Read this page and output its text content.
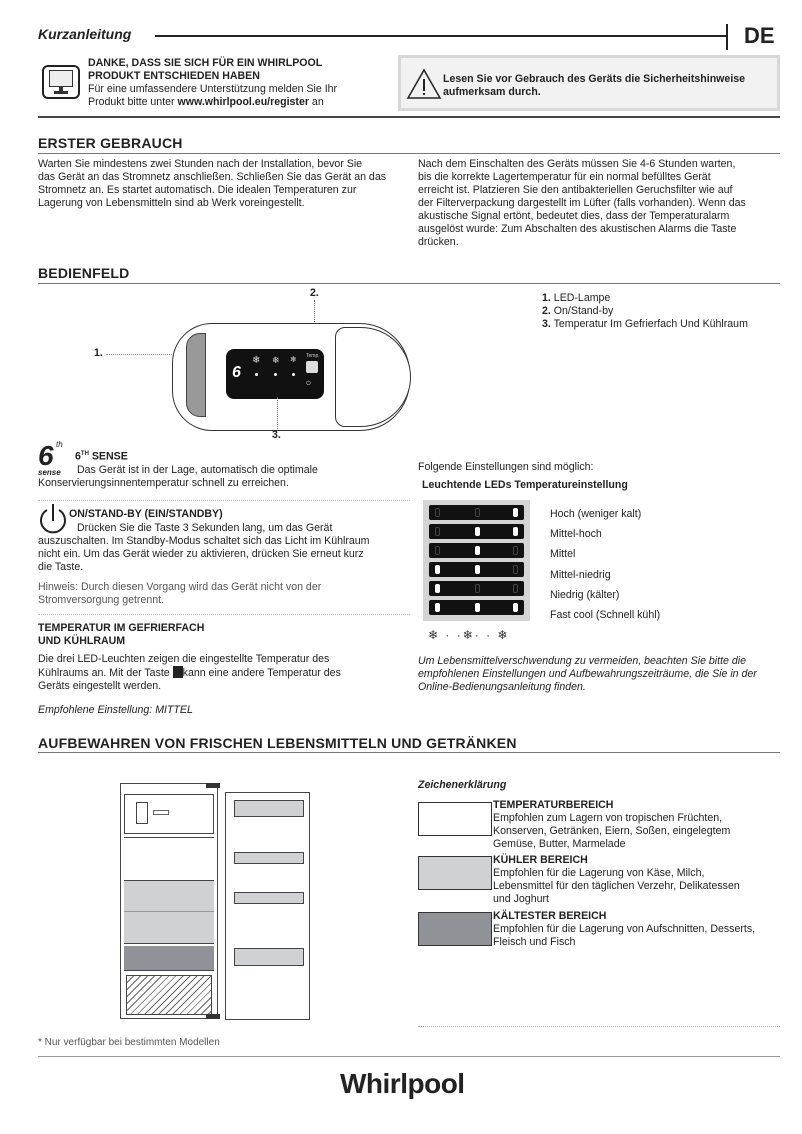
Kurzanleitung	DE
DANKE, DASS SIE SICH FÜR EIN WHIRLPOOL
PRODUKT ENTSCHIEDEN HABEN
Für eine umfassendere Unterstützung melden Sie Ihr
Produkt bitte unter www.whirlpool.eu/register an
Lesen Sie vor Gebrauch des Geräts die Sicherheitshinweise
aufmerksam durch.
ERSTER GEBRAUCH
Warten Sie mindestens zwei Stunden nach der Installation, bevor Sie
das Gerät an das Stromnetz anschließen. Schließen Sie das Gerät an das
Stromnetz an. Es startet automatisch. Die idealen Temperaturen zur
Lagerung von Lebensmitteln sind ab Werk voreingestellt.
Nach dem Einschalten des Geräts müssen Sie 4-6 Stunden warten,
bis die korrekte Lagertemperatur für ein normal befülltes Gerät
erreicht ist. Platzieren Sie den antibakteriellen Geruchsfilter wie auf
der Filterverpackung dargestellt im Lüfter (falls vorhanden). Wenn das
akustische Signal ertönt, bedeutet dies, dass der Temperaturalarm
ausgelöst wurde: Zum Abschalten des akustischen Alarms die Taste
drücken.
BEDIENFELD
2.
1.
6
❄ ❄ ❄ Temp.
⏻
3.
1. LED-Lampe
2. On/Stand-by
3. Temperatur Im Gefrierfach Und Kühlraum
6 th
sense
6TH SENSE
Das Gerät ist in der Lage, automatisch die optimale
Konservierungsinnentemperatur schnell zu erreichen.
ON/STAND-BY (EIN/STANDBY)
Drücken Sie die Taste 3 Sekunden lang, um das Gerät
auszuschalten. Im Standby-Modus schaltet sich das Licht im Kühlraum
nicht ein. Um das Gerät wieder zu aktivieren, drücken Sie erneut kurz
die Taste.
Hinweis: Durch diesen Vorgang wird das Gerät nicht von der
Stromversorgung getrennt.
TEMPERATUR IM GEFRIERFACH
UND KÜHLRAUM
Die drei LED-Leuchten zeigen die eingestellte Temperatur des
Kühlraums an. Mit der Taste kann eine andere Temperatur des
Geräts eingestellt werden.
Empfohlene Einstellung: MITTEL
Folgende Einstellungen sind möglich:
Leuchtende LEDs Temperatureinstellung
Hoch (weniger kalt)
Mittel-hoch
Mittel
Mittel-niedrig
Niedrig (kälter)
Fast cool (Schnell kühl)
❄ · ·❄· · ❄
Um Lebensmittelverschwendung zu vermeiden, beachten Sie bitte die
empfohlenen Einstellungen und Aufbewahrungszeiträume, die Sie in der
Online-Bedienungsanleitung finden.
AUFBEWAHREN VON FRISCHEN LEBENSMITTELN UND GETRÄNKEN
Zeichenerklärung
TEMPERATURBEREICH
Empfohlen zum Lagern von tropischen Früchten,
Konserven, Getränken, Eiern, Soßen, eingelegtem
Gemüse, Butter, Marmelade
KÜHLER BEREICH
Empfohlen für die Lagerung von Käse, Milch,
Lebensmittel für den täglichen Verzehr, Delikatessen
und Joghurt
KÄLTESTER BEREICH
Empfohlen für die Lagerung von Aufschnitten, Desserts,
Fleisch und Fisch
* Nur verfügbar bei bestimmten Modellen
Whirlpool
